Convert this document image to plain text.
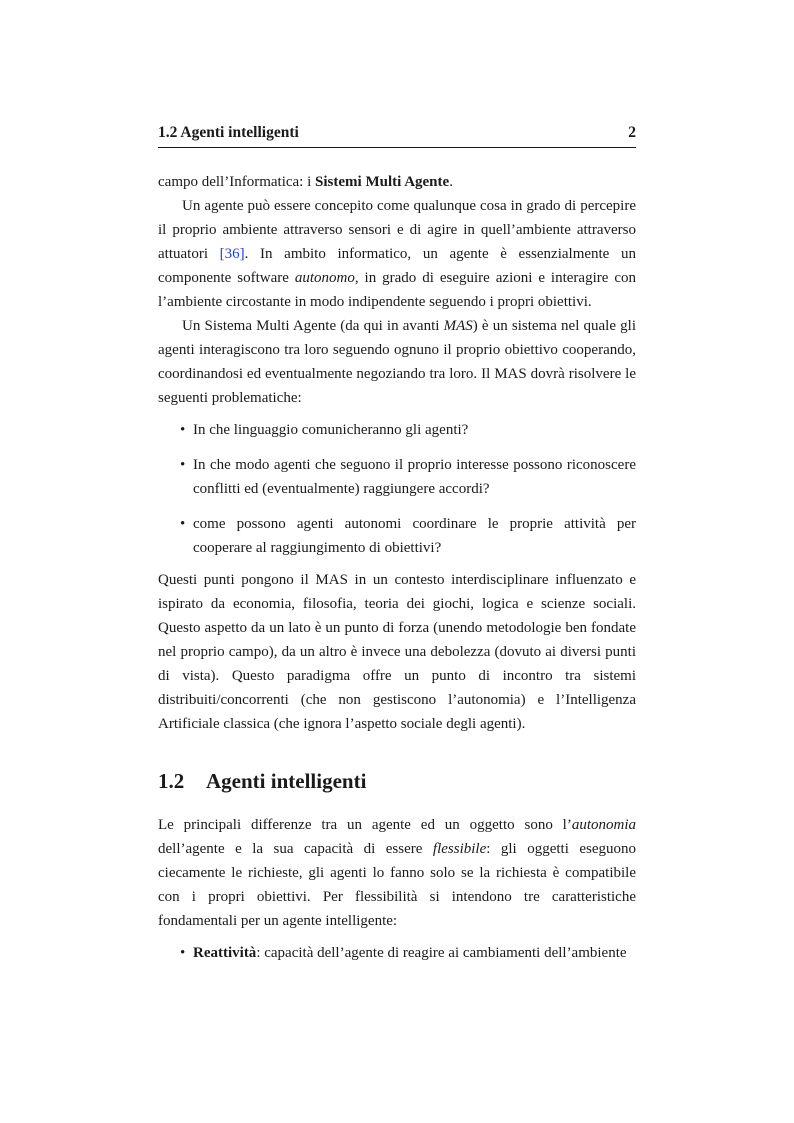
1.2 Agenti intelligenti	2

campo dell’Informatica: i Sistemi Multi Agente.

Un agente può essere concepito come qualunque cosa in grado di percepire il proprio ambiente attraverso sensori e di agire in quell’ambiente attraverso attuatori [36]. In ambito informatico, un agente è essenzialmente un componente software autonomo, in grado di eseguire azioni e interagire con l’ambiente circostante in modo indipendente seguendo i propri obiettivi.

Un Sistema Multi Agente (da qui in avanti MAS) è un sistema nel quale gli agenti interagiscono tra loro seguendo ognuno il proprio obiettivo cooperando, coordinandosi ed eventualmente negoziando tra loro. Il MAS dovrà risolvere le seguenti problematiche:

• In che linguaggio comunicheranno gli agenti?
• In che modo agenti che seguono il proprio interesse possono riconoscere conflitti ed (eventualmente) raggiungere accordi?
• come possono agenti autonomi coordinare le proprie attività per cooperare al raggiungimento di obiettivi?

Questi punti pongono il MAS in un contesto interdisciplinare influenzato e ispirato da economia, filosofia, teoria dei giochi, logica e scienze sociali. Questo aspetto da un lato è un punto di forza (unendo metodologie ben fondate nel proprio campo), da un altro è invece una debolezza (dovuto ai diversi punti di vista). Questo paradigma offre un punto di incontro tra sistemi distribuiti/concorrenti (che non gestiscono l’autonomia) e l’Intelligenza Artificiale classica (che ignora l’aspetto sociale degli agenti).

1.2 Agenti intelligenti

Le principali differenze tra un agente ed un oggetto sono l’autonomia dell’agente e la sua capacità di essere flessibile: gli oggetti eseguono ciecamente le richieste, gli agenti lo fanno solo se la richiesta è compatibile con i propri obiettivi. Per flessibilità si intendono tre caratteristiche fondamentali per un agente intelligente:

• Reattività: capacità dell’agente di reagire ai cambiamenti dell’ambiente
